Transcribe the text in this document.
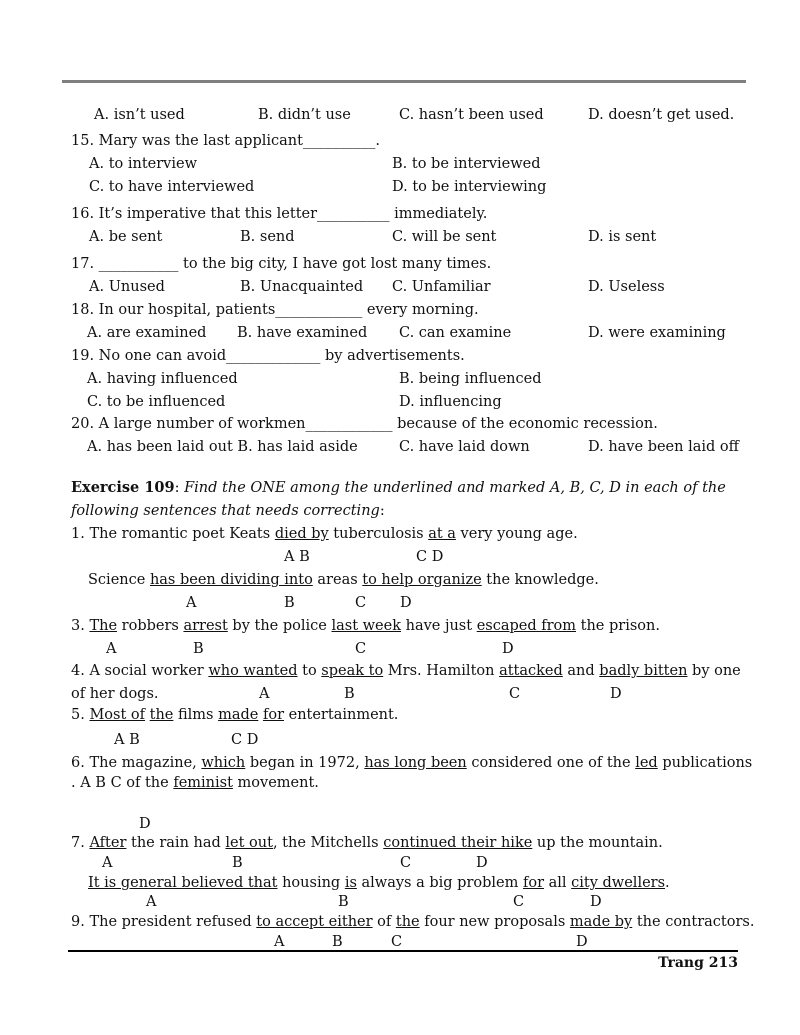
A. isn’t used	B. didn’t use	C. hasn’t been used	D. doesn’t get used.
15. Mary was the last applicant__________.
A. to interview	B. to be interviewed
C. to have interviewed	D. to be interviewing
16. It’s imperative that this letter__________ immediately.
A. be sent	B. send	C. will be sent	D. is sent
17. ___________ to the big city, I have got lost many times.
A. Unused	B. Unacquainted C. Unfamiliar	D. Useless
18. In our hospital, patients____________ every morning.
A. are examined B. have examined C. can examine	D. were examining
19. No one can avoid_____________ by advertisements.
A. having influenced	B. being influenced
C. to be influenced	D. influencing
20. A large number of workmen____________ because of the economic recession.
A. has been laid out B. has laid aside	C. have laid down	D. have been laid off
Exercise 109: Find the ONE among the underlined and marked A, B, C, D in each of the
following sentences that needs correcting:
1. The romantic poet Keats died by tuberculosis at a very young age.
A B	C D
Science has been dividing into areas to help organize the knowledge.
A	B	C D
3. The robbers arrest by the police last week have just escaped from the prison.
A	B	C	D
4. A social worker who wanted to speak to Mrs. Hamilton attacked and badly bitten by one
of her dogs.	A	B	C	D
5. Most of the films made for entertainment.
A B	C D
6. The magazine, which began in 1972, has long been considered one of the led publications
. A B C of the feminist movement.
D
7. After the rain had let out, the Mitchells continued their hike up the mountain.
A	B	C	D
It is general believed that housing is always a big problem for all city dwellers.
A	B	C	D
9. The president refused to accept either of the four new proposals made by the contractors.
A	B	C	D
Trang 213
